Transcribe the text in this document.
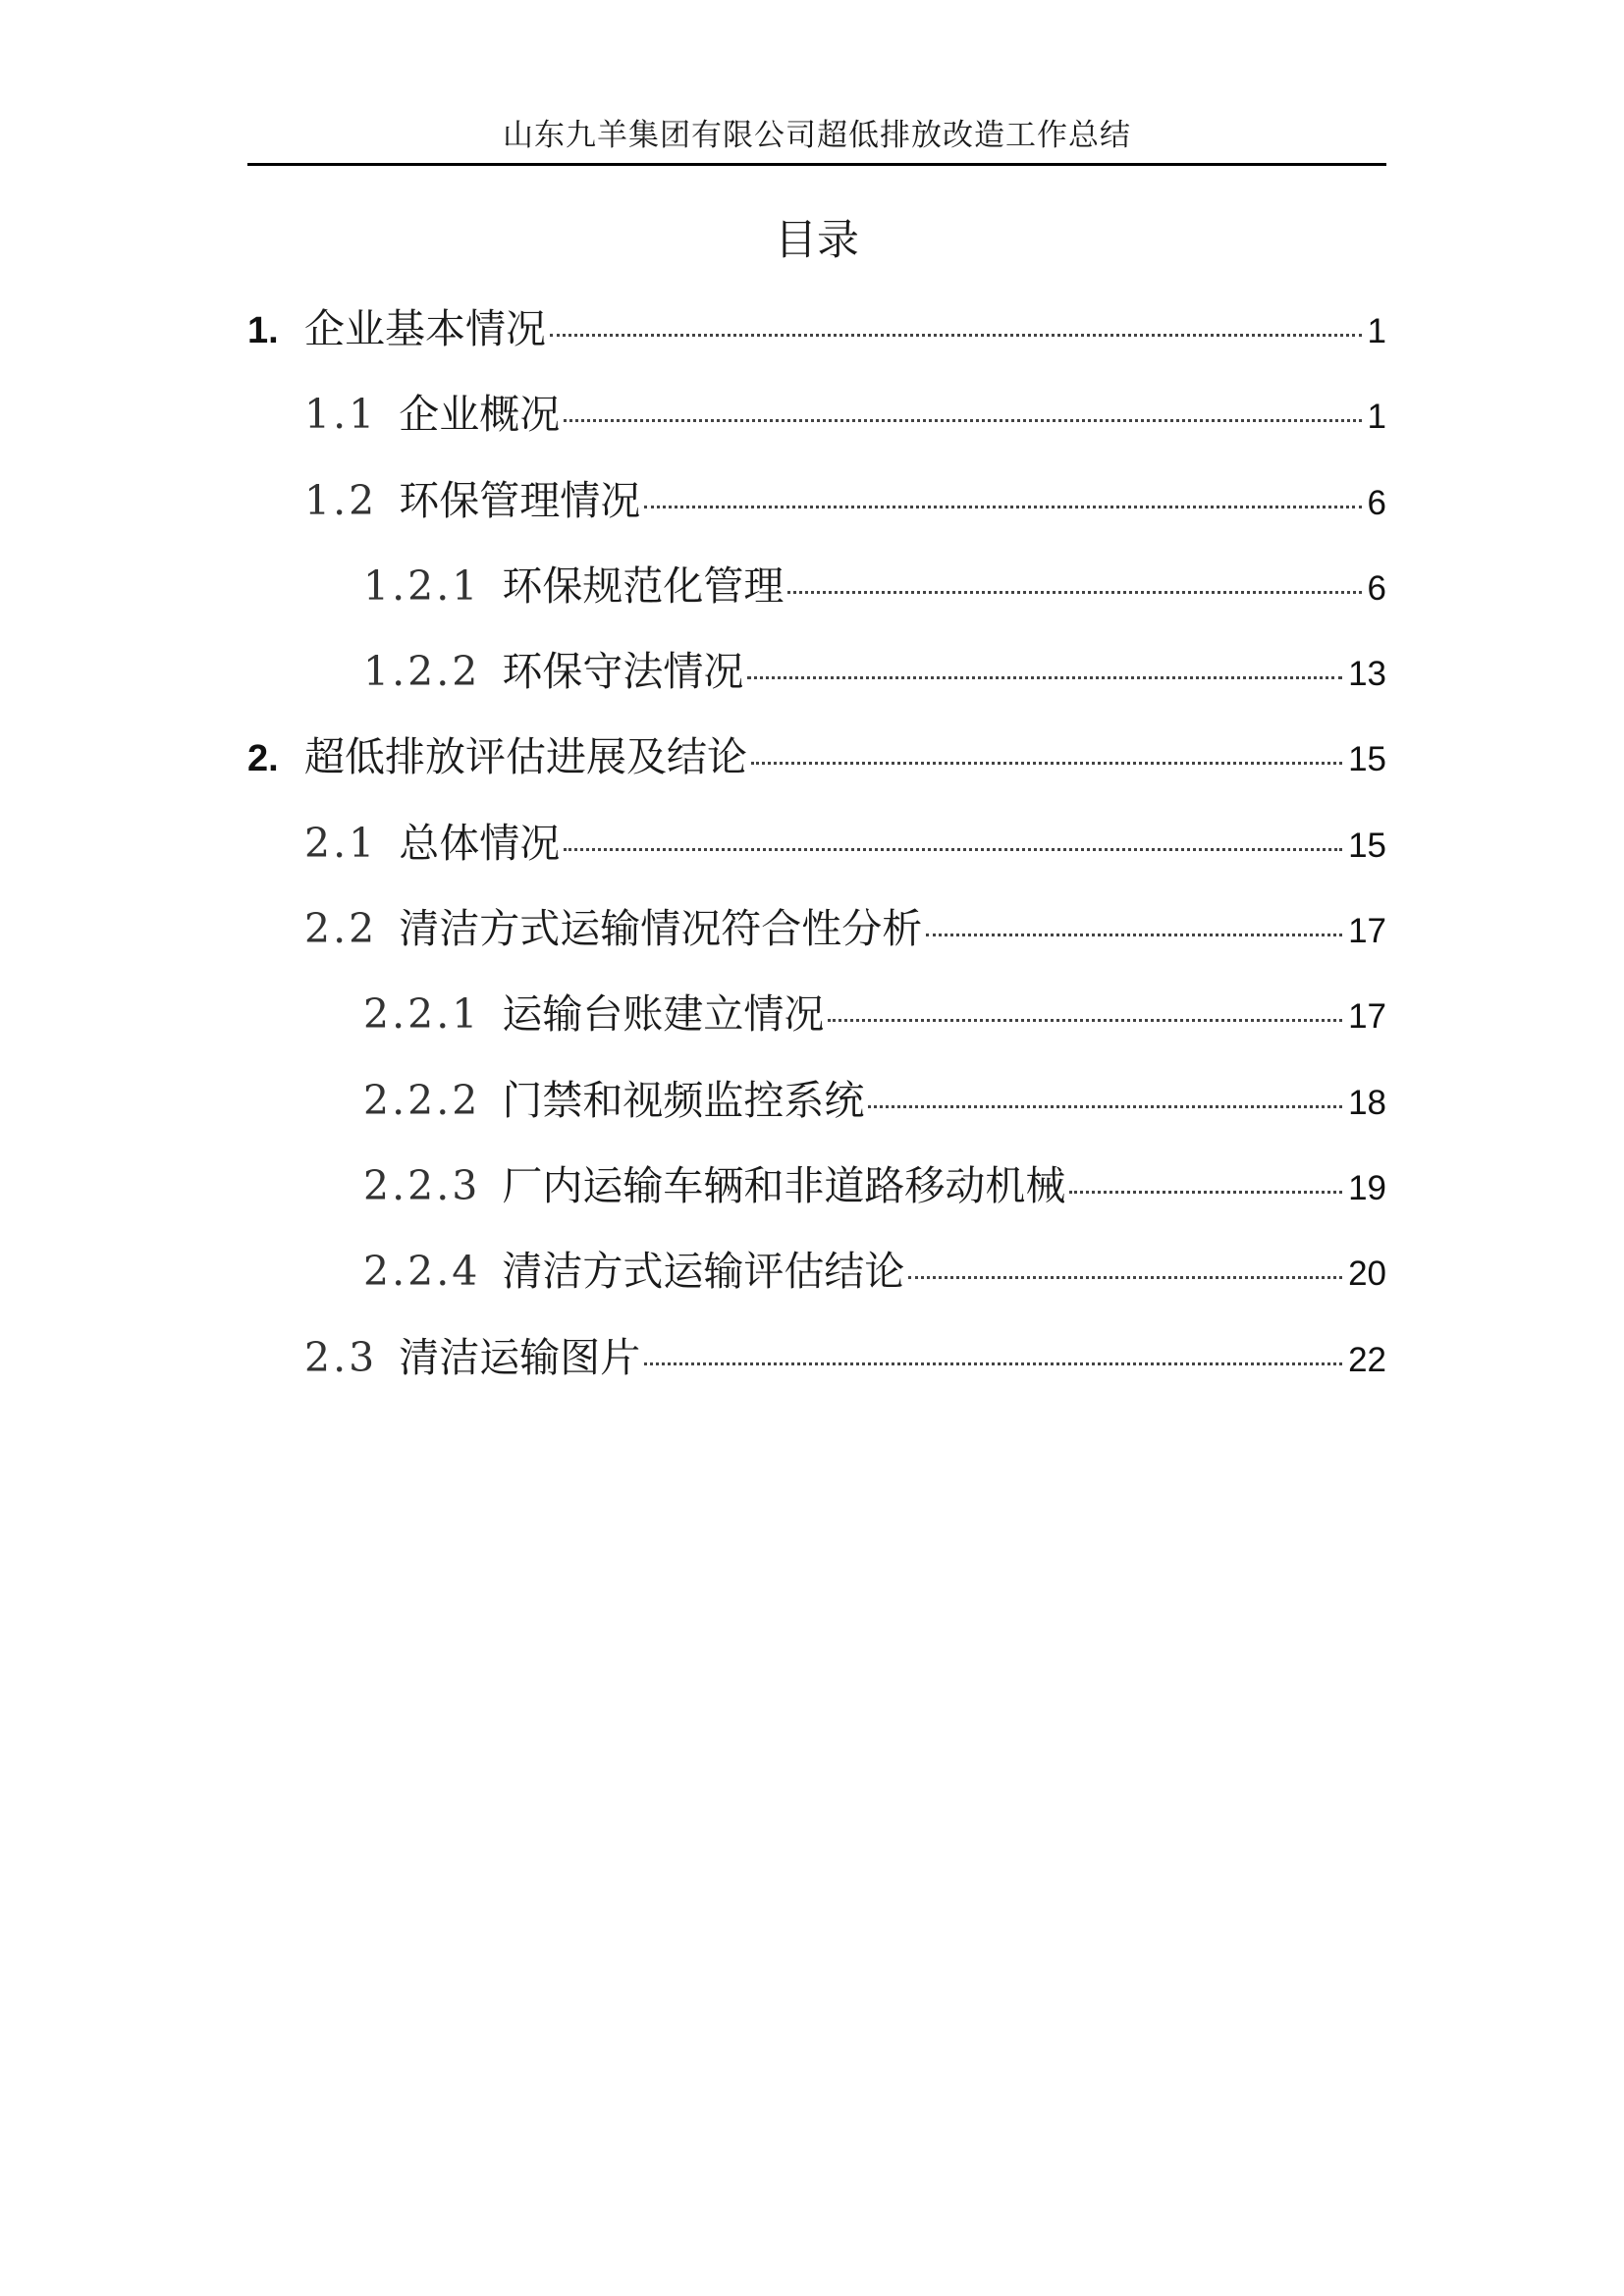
山东九羊集团有限公司超低排放改造工作总结
目录
1. 企业基本情况	1
1.1 企业概况	1
1.2 环保管理情况	6
1.2.1 环保规范化管理	6
1.2.2 环保守法情况	13
2. 超低排放评估进展及结论	15
2.1 总体情况	15
2.2 清洁方式运输情况符合性分析	17
2.2.1 运输台账建立情况	17
2.2.2 门禁和视频监控系统	18
2.2.3 厂内运输车辆和非道路移动机械	19
2.2.4 清洁方式运输评估结论	20
2.3 清洁运输图片	22
